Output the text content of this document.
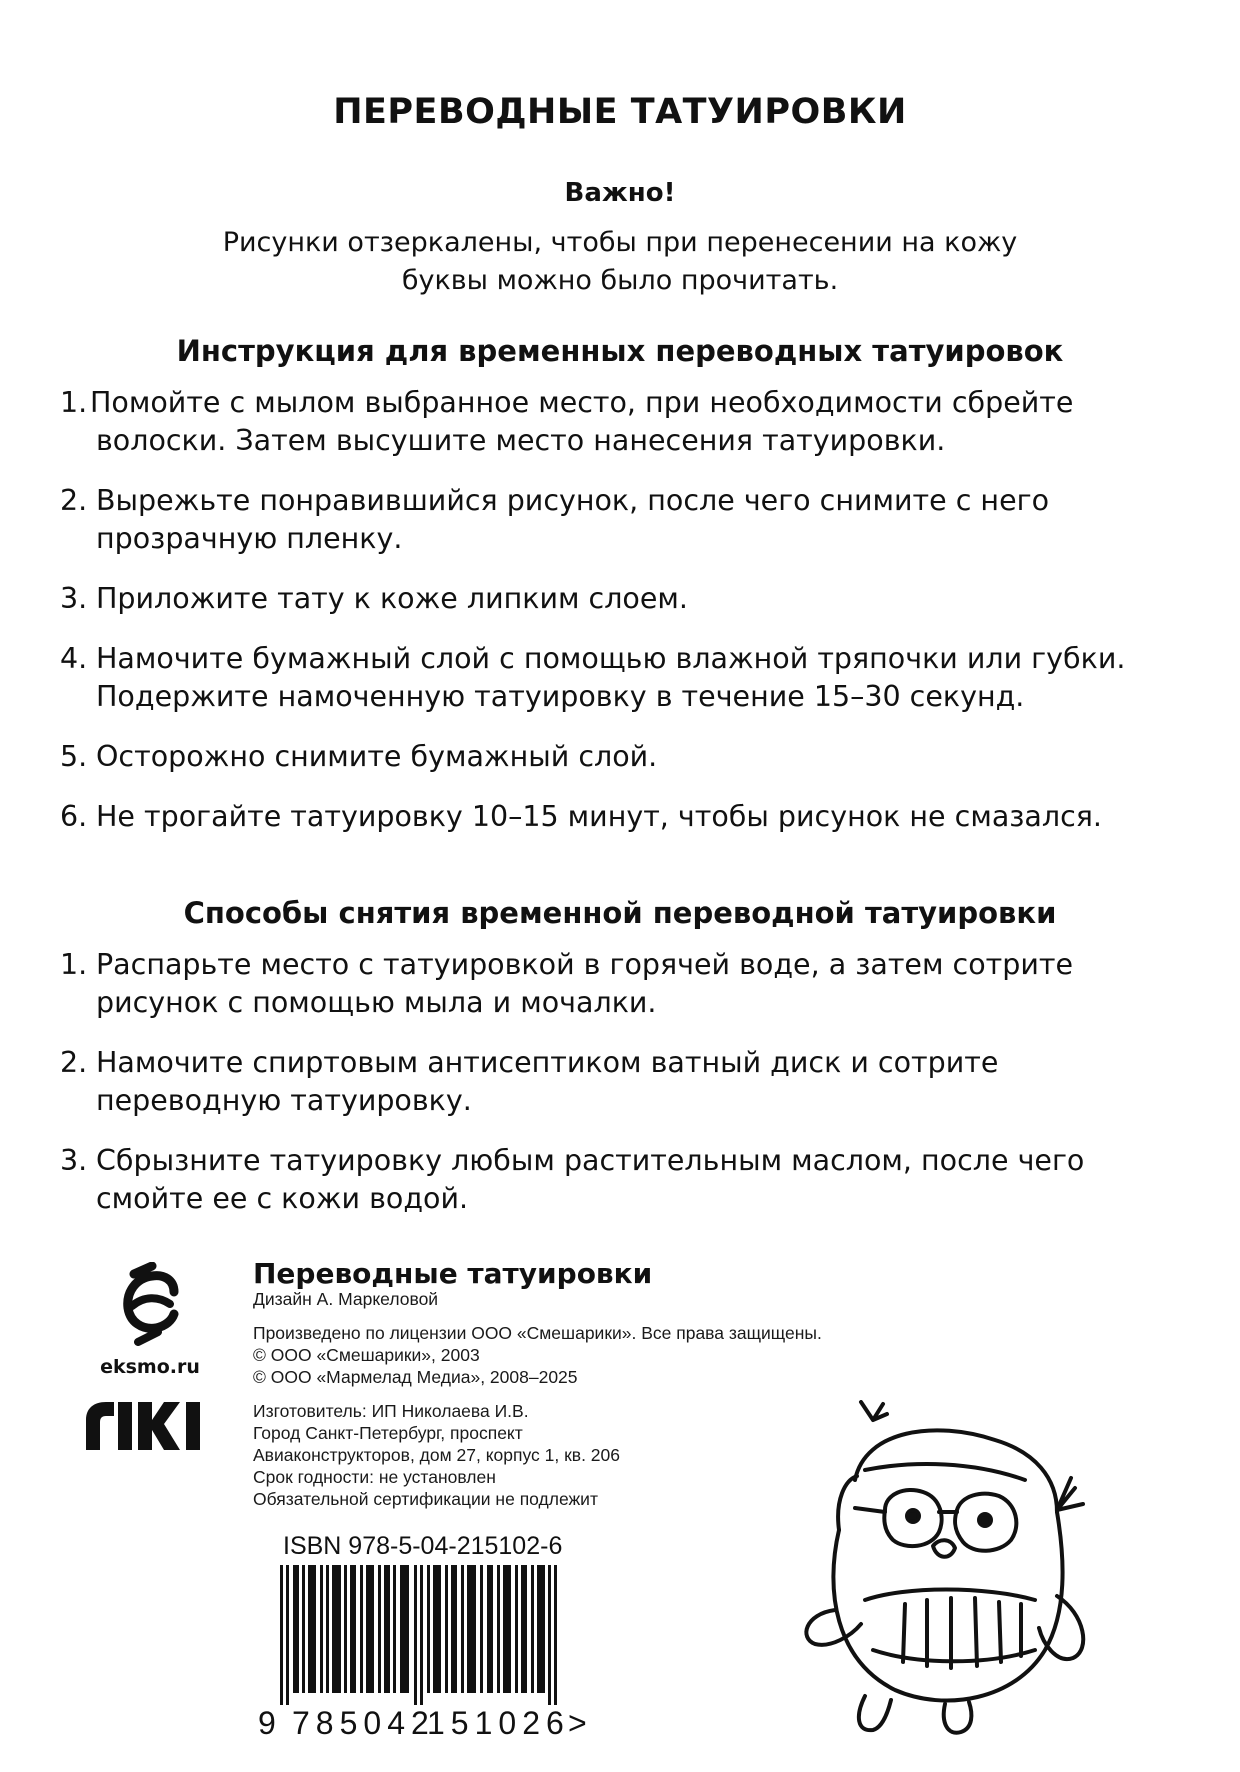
ПЕРЕВОДНЫЕ ТАТУИРОВКИ
Важно!
Рисунки отзеркалены, чтобы при перенесении на кожу
буквы можно было прочитать.
Инструкция для временных переводных татуировок
1. Помойте с мылом выбранное место, при необходимости сбрейте
волоски. Затем высушите место нанесения татуировки.
2. Вырежьте понравившийся рисунок, после чего снимите с него
прозрачную пленку.
3. Приложите тату к коже липким слоем.
4. Намочите бумажный слой с помощью влажной тряпочки или губки.
Подержите намоченную татуировку в течение 15–30 секунд.
5. Осторожно снимите бумажный слой.
6. Не трогайте татуировку 10–15 минут, чтобы рисунок не смазался.
Способы снятия временной переводной татуировки
1. Распарьте место с татуировкой в горячей воде, а затем сотрите
рисунок с помощью мыла и мочалки.
2. Намочите спиртовым антисептиком ватный диск и сотрите
переводную татуировку.
3. Сбрызните татуировку любым растительным маслом, после чего
смойте ее с кожи водой.
eksmo.ru
Переводные татуировки
Дизайн А. Маркеловой
Произведено по лицензии ООО «Смешарики». Все права защищены.
© ООО «Смешарики», 2003
© ООО «Мармелад Медиа», 2008–2025
Изготовитель: ИП Николаева И.В.
Город Санкт-Петербург, проспект
Авиаконструкторов, дом 27, корпус 1, кв. 206
Срок годности: не установлен
Обязательной сертификации не подлежит
ISBN 978-5-04-215102-6
9 785042
151026
>
